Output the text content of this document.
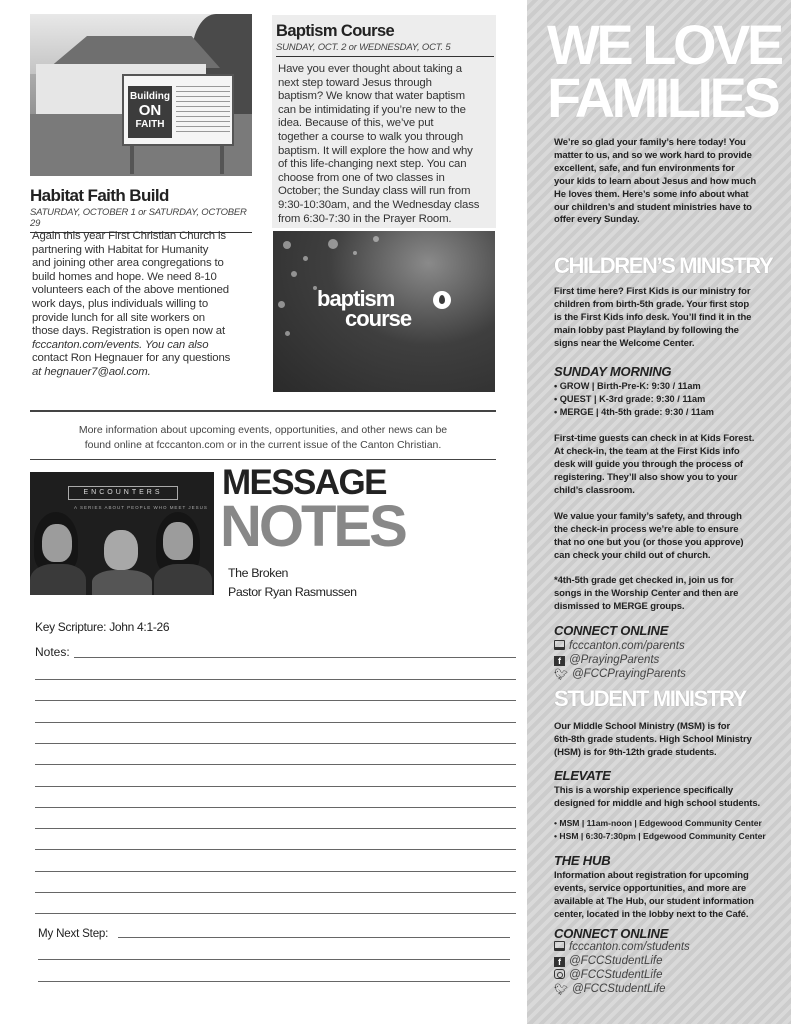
Building
ON
FAITH
Habitat Faith Build
SATURDAY, OCTOBER 1 or SATURDAY, OCTOBER 29
Again this year First Christian Church is
partnering with Habitat for Humanity
and joining other area congregations to
build homes and hope. We need 8-10
volunteers each of the above mentioned
work days, plus individuals willing to
provide lunch for all site workers on
those days. Registration is open now at
fcccanton.com/events. You can also
contact Ron Hegnauer for any questions
at hegnauer7@aol.com.
Baptism Course
SUNDAY, OCT. 2 or WEDNESDAY, OCT. 5
Have you ever thought about taking a
next step toward Jesus through
baptism? We know that water baptism
can be intimidating if you’re new to the
idea. Because of this, we’ve put
together a course to walk you through
baptism. It will explore the how and why
of this life-changing next step. You can
choose from one of two classes in
October; the Sunday class will run from
9:30-10:30am, and the Wednesday class
from 6:30-7:30 in the Prayer Room.
baptism
course
More information about upcoming events, opportunities, and other news can be
found online at fcccanton.com or in the current issue of the Canton Christian.
ENCOUNTERS
A SERIES ABOUT PEOPLE WHO MEET JESUS
MESSAGE
NOTES
The Broken
Pastor Ryan Rasmussen
Key Scripture: John 4:1-26
Notes:
My Next Step:
WE LOVE
FAMILIES
We’re so glad your family’s here today! You
matter to us, and so we work hard to provide
excellent, safe, and fun environments for
your kids to learn about Jesus and how much
He loves them. Here’s some info about what
our children’s and student ministries have to
offer every Sunday.
CHILDREN’S MINISTRY
First time here? First Kids is our ministry for
children from birth-5th grade. Your first stop
is the First Kids info desk. You’ll find it in the
main lobby past Playland by following the
signs near the Welcome Center.
SUNDAY MORNING
• GROW | Birth-Pre-K: 9:30 / 11am
• QUEST | K-3rd grade: 9:30 / 11am
• MERGE | 4th-5th grade: 9:30 / 11am
First-time guests can check in at Kids Forest.
At check-in, the team at the First Kids info
desk will guide you through the process of
registering. They’ll also show you to your
child’s classroom.
We value your family’s safety, and through
the check-in process we’re able to ensure
that no one but you (or those you approve)
can check your child out of church.
*4th-5th grade get checked in, join us for
songs in the Worship Center and then are
dismissed to MERGE groups.
CONNECT ONLINE
fcccanton.com/parents
f @PrayingParents
🐦︎ @FCCPrayingParents
STUDENT MINISTRY
Our Middle School Ministry (MSM) is for
6th-8th grade students. High School Ministry
(HSM) is for 9th-12th grade students.
ELEVATE
This is a worship experience specifically
designed for middle and high school students.
• MSM | 11am-noon | Edgewood Community Center
• HSM | 6:30-7:30pm | Edgewood Community Center
THE HUB
Information about registration for upcoming
events, service opportunities, and more are
available at The Hub, our student information
center, located in the lobby next to the Café.
CONNECT ONLINE
fcccanton.com/students
f @FCCStudentLife
@FCCStudentLife
🐦︎ @FCCStudentLife
